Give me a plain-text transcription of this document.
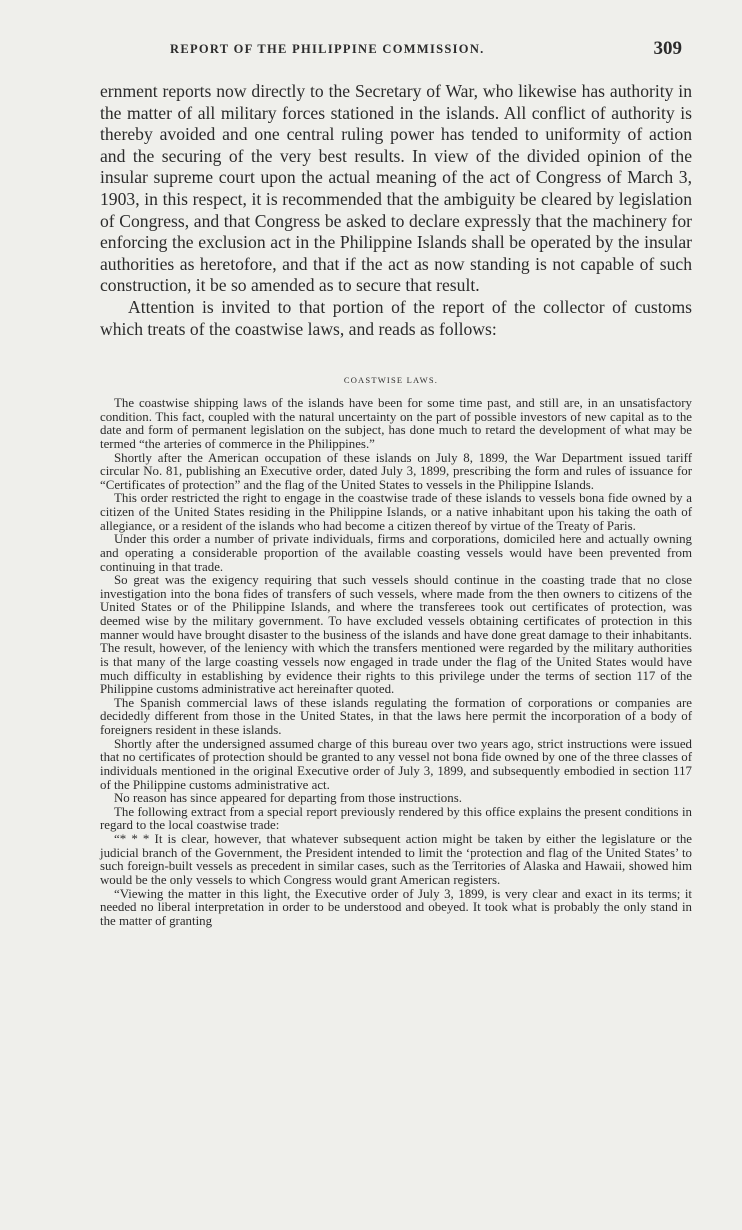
REPORT OF THE PHILIPPINE COMMISSION.	309

ernment reports now directly to the Secretary of War, who likewise has authority in the matter of all military forces stationed in the islands. All conflict of authority is thereby avoided and one central ruling power has tended to uniformity of action and the securing of the very best results. In view of the divided opinion of the insular supreme court upon the actual meaning of the act of Congress of March 3, 1903, in this respect, it is recommended that the ambiguity be cleared by legislation of Congress, and that Congress be asked to declare expressly that the machinery for enforcing the exclusion act in the Philippine Islands shall be operated by the insular authorities as heretofore, and that if the act as now standing is not capable of such construction, it be so amended as to secure that result.

Attention is invited to that portion of the report of the collector of customs which treats of the coastwise laws, and reads as follows:

COASTWISE LAWS.

The coastwise shipping laws of the islands have been for some time past, and still are, in an unsatisfactory condition. This fact, coupled with the natural uncertainty on the part of possible investors of new capital as to the date and form of permanent legislation on the subject, has done much to retard the development of what may be termed “the arteries of commerce in the Philippines.”

Shortly after the American occupation of these islands on July 8, 1899, the War Department issued tariff circular No. 81, publishing an Executive order, dated July 3, 1899, prescribing the form and rules of issuance for “Certificates of protection” and the flag of the United States to vessels in the Philippine Islands.

This order restricted the right to engage in the coastwise trade of these islands to vessels bona fide owned by a citizen of the United States residing in the Philippine Islands, or a native inhabitant upon his taking the oath of allegiance, or a resident of the islands who had become a citizen thereof by virtue of the Treaty of Paris.

Under this order a number of private individuals, firms and corporations, domiciled here and actually owning and operating a considerable proportion of the available coasting vessels would have been prevented from continuing in that trade.

So great was the exigency requiring that such vessels should continue in the coasting trade that no close investigation into the bona fides of transfers of such vessels, where made from the then owners to citizens of the United States or of the Philippine Islands, and where the transferees took out certificates of protection, was deemed wise by the military government. To have excluded vessels obtaining certificates of protection in this manner would have brought disaster to the business of the islands and have done great damage to their inhabitants. The result, however, of the leniency with which the transfers mentioned were regarded by the military authorities is that many of the large coasting vessels now engaged in trade under the flag of the United States would have much difficulty in establishing by evidence their rights to this privilege under the terms of section 117 of the Philippine customs administrative act hereinafter quoted.

The Spanish commercial laws of these islands regulating the formation of corporations or companies are decidedly different from those in the United States, in that the laws here permit the incorporation of a body of foreigners resident in these islands.

Shortly after the undersigned assumed charge of this bureau over two years ago, strict instructions were issued that no certificates of protection should be granted to any vessel not bona fide owned by one of the three classes of individuals mentioned in the original Executive order of July 3, 1899, and subsequently embodied in section 117 of the Philippine customs administrative act.

No reason has since appeared for departing from those instructions.

The following extract from a special report previously rendered by this office explains the present conditions in regard to the local coastwise trade:

“* * * It is clear, however, that whatever subsequent action might be taken by either the legislature or the judicial branch of the Government, the President intended to limit the ‘protection and flag of the United States’ to such foreign-built vessels as precedent in similar cases, such as the Territories of Alaska and Hawaii, showed him would be the only vessels to which Congress would grant American registers.

“Viewing the matter in this light, the Executive order of July 3, 1899, is very clear and exact in its terms; it needed no liberal interpretation in order to be understood and obeyed. It took what is probably the only stand in the matter of granting
